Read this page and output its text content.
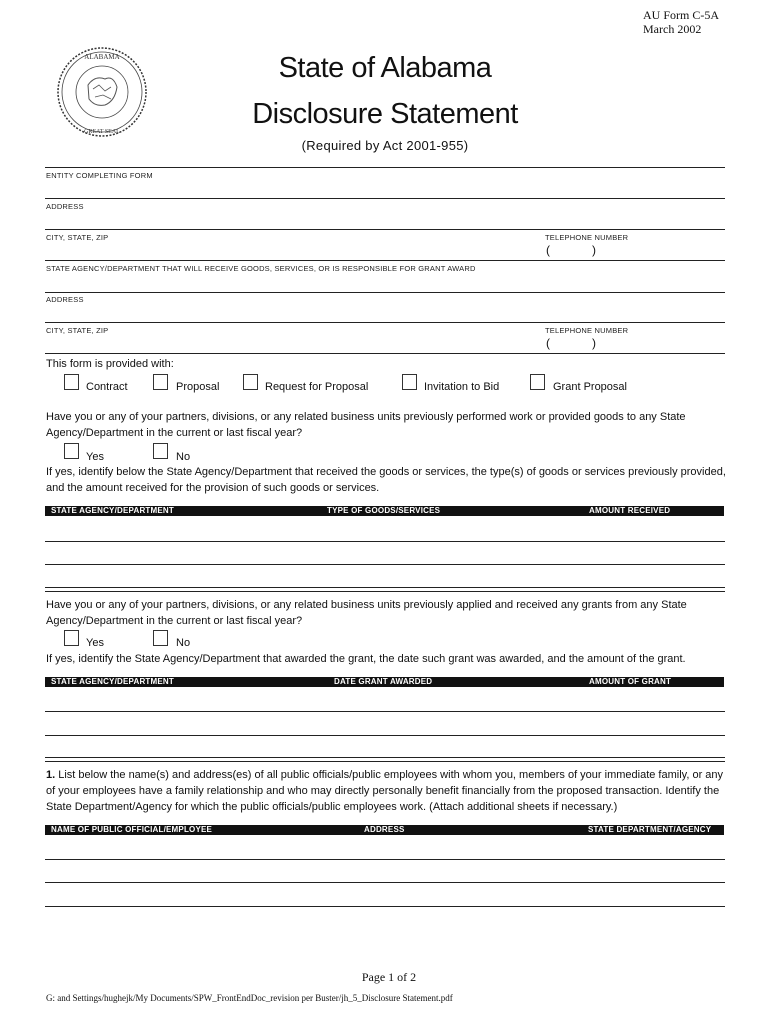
AU Form C-5A
March 2002
ALABAMA
GREAT SEAL
State of Alabama
Disclosure Statement
(Required by Act 2001-955)
ENTITY COMPLETING FORM
ADDRESS
CITY, STATE, ZIP	TELEPHONE NUMBER
(	)
STATE AGENCY/DEPARTMENT THAT WILL RECEIVE GOODS, SERVICES, OR IS RESPONSIBLE FOR GRANT AWARD
ADDRESS
CITY, STATE, ZIP	TELEPHONE NUMBER
(	)
This form is provided with:
Contract	Proposal	Request for Proposal	Invitation to Bid	Grant Proposal
Have you or any of your partners, divisions, or any related business units previously performed work or provided goods to any State Agency/Department in the current or last fiscal year?
Yes	No
If yes, identify below the State Agency/Department that received the goods or services, the type(s) of goods or services previously provided, and the amount received for the provision of such goods or services.
STATE AGENCY/DEPARTMENT	TYPE OF GOODS/SERVICES	AMOUNT RECEIVED
Have you or any of your partners, divisions, or any related business units previously applied and received any grants from any State Agency/Department in the current or last fiscal year?
Yes	No
If yes, identify the State Agency/Department that awarded the grant, the date such grant was awarded, and the amount of the grant.
STATE AGENCY/DEPARTMENT	DATE GRANT AWARDED	AMOUNT OF GRANT
1. List below the name(s) and address(es) of all public officials/public employees with whom you, members of your immediate family, or any of your employees have a family relationship and who may directly personally benefit financially from the proposed transaction. Identify the State Department/Agency for which the public officials/public employees work. (Attach additional sheets if necessary.)
NAME OF PUBLIC OFFICIAL/EMPLOYEE	ADDRESS	STATE DEPARTMENT/AGENCY
Page 1 of 2
G: and Settings/hughejk/My Documents/SPW_FrontEndDoc_revision per Buster/jh_5_Disclosure Statement.pdf
